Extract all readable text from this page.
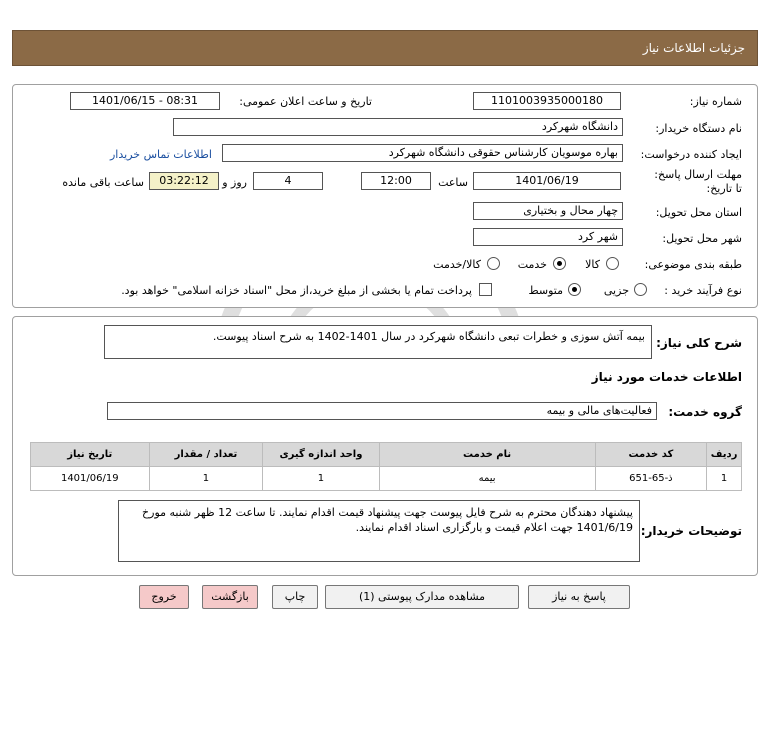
جزئیات اطلاعات نیاز
شماره نیاز:
1101003935000180
تاریخ و ساعت اعلان عمومی:
1401/06/15 - 08:31
نام دستگاه خریدار:
دانشگاه شهرکرد
ایجاد کننده درخواست:
بهاره موسویان کارشناس حقوقی دانشگاه شهرکرد
اطلاعات تماس خریدار
مهلت ارسال پاسخ: تا تاریخ:
1401/06/19
ساعت
12:00
4
روز و
03:22:12
ساعت باقی مانده
استان محل تحویل:
چهار محال و بختیاری
شهر محل تحویل:
شهر کرد
طبقه بندی موضوعی:
کالا
خدمت
کالا/خدمت
نوع فرآیند خرید :
جزیی
متوسط
پرداخت تمام یا بخشی از مبلغ خرید،از محل "اسناد خزانه اسلامی" خواهد بود.
شرح کلی نیاز:
بیمه آتش سوزی و خطرات تبعی دانشگاه شهرکرد در سال 1401-1402 به شرح اسناد پیوست.
اطلاعات خدمات مورد نیاز
گروه خدمت:
فعالیت‌های مالی و بیمه
ردیف	کد خدمت	نام خدمت	واحد اندازه گیری	تعداد / مقدار	تاریخ نیاز
1	ذ-65-651	بیمه	1	1	1401/06/19
توضیحات خریدار:
پیشنهاد دهندگان محترم به شرح فایل پیوست جهت پیشنهاد قیمت اقدام نمایند. تا ساعت 12 ظهر شنبه مورخ 1401/6/19 جهت اعلام قیمت و بارگزاری اسناد اقدام نمایند.
پاسخ به نیاز
مشاهده مدارک پیوستی (1)
چاپ
بازگشت
خروج
